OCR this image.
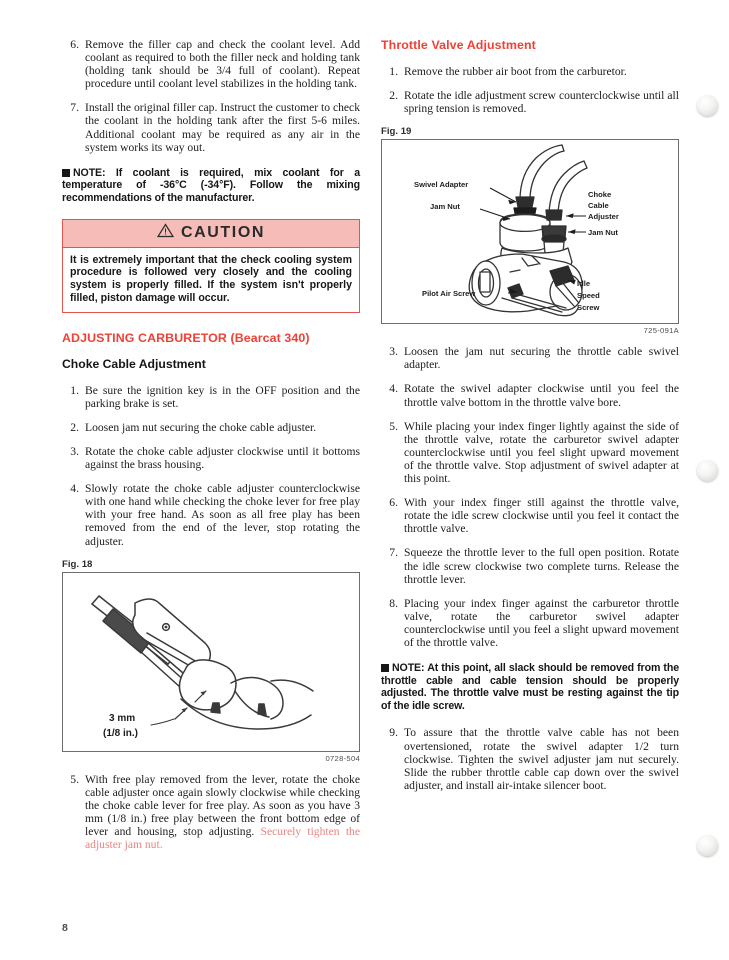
6. Remove the filler cap and check the coolant level. Add coolant as required to both the filler neck and holding tank (holding tank should be 3/4 full of coolant). Repeat procedure until coolant level stabilizes in the holding tank.
7. Install the original filler cap. Instruct the customer to check the coolant in the holding tank after the first 5-6 miles. Additional coolant may be required as any air in the system works its way out.
NOTE: If coolant is required, mix coolant for a temperature of -36°C (-34°F). Follow the mixing recommendations of the manufacturer.
CAUTION
It is extremely important that the check cooling system procedure is followed very closely and the cooling system is properly filled. If the system isn't properly filled, piston damage will occur.
ADJUSTING CARBURETOR (Bearcat 340)
Choke Cable Adjustment
1. Be sure the ignition key is in the OFF position and the parking brake is set.
2. Loosen jam nut securing the choke cable adjuster.
3. Rotate the choke cable adjuster clockwise until it bottoms against the brass housing.
4. Slowly rotate the choke cable adjuster counterclockwise with one hand while checking the choke lever for free play with your free hand. As soon as all free play has been removed from the end of the lever, stop rotating the adjuster.
Fig. 18
3 mm
(1/8 in.)
0728-504
5. With free play removed from the lever, rotate the choke cable adjuster once again slowly clockwise while checking the choke cable lever for free play. As soon as you have 3 mm (1/8 in.) free play between the front bottom edge of lever and housing, stop adjusting. Securely tighten the adjuster jam nut.
Throttle Valve Adjustment
1. Remove the rubber air boot from the carburetor.
2. Rotate the idle adjustment screw counterclockwise until all spring tension is removed.
Fig. 19
Swivel Adapter
Jam Nut
Choke
Cable
Adjuster
Jam Nut
Pilot Air Screw
Idle
Speed
Screw
725-091A
3. Loosen the jam nut securing the throttle cable swivel adapter.
4. Rotate the swivel adapter clockwise until you feel the throttle valve bottom in the throttle valve bore.
5. While placing your index finger lightly against the side of the throttle valve, rotate the carburetor swivel adapter counterclockwise until you feel slight upward movement of the throttle valve. Stop adjustment of swivel adapter at this point.
6. With your index finger still against the throttle valve, rotate the idle screw clockwise until you feel it contact the throttle valve.
7. Squeeze the throttle lever to the full open position. Rotate the idle screw clockwise two complete turns. Release the throttle lever.
8. Placing your index finger against the carburetor throttle valve, rotate the carburetor swivel adapter counterclockwise until you feel a slight upward movement of the throttle valve.
NOTE: At this point, all slack should be removed from the throttle cable and cable tension should be properly adjusted. The throttle valve must be resting against the tip of the idle screw.
9. To assure that the throttle valve cable has not been overtensioned, rotate the swivel adapter 1/2 turn clockwise. Tighten the swivel adjuster jam nut securely. Slide the rubber throttle cable cap down over the swivel adjuster, and install air-intake silencer boot.
8
